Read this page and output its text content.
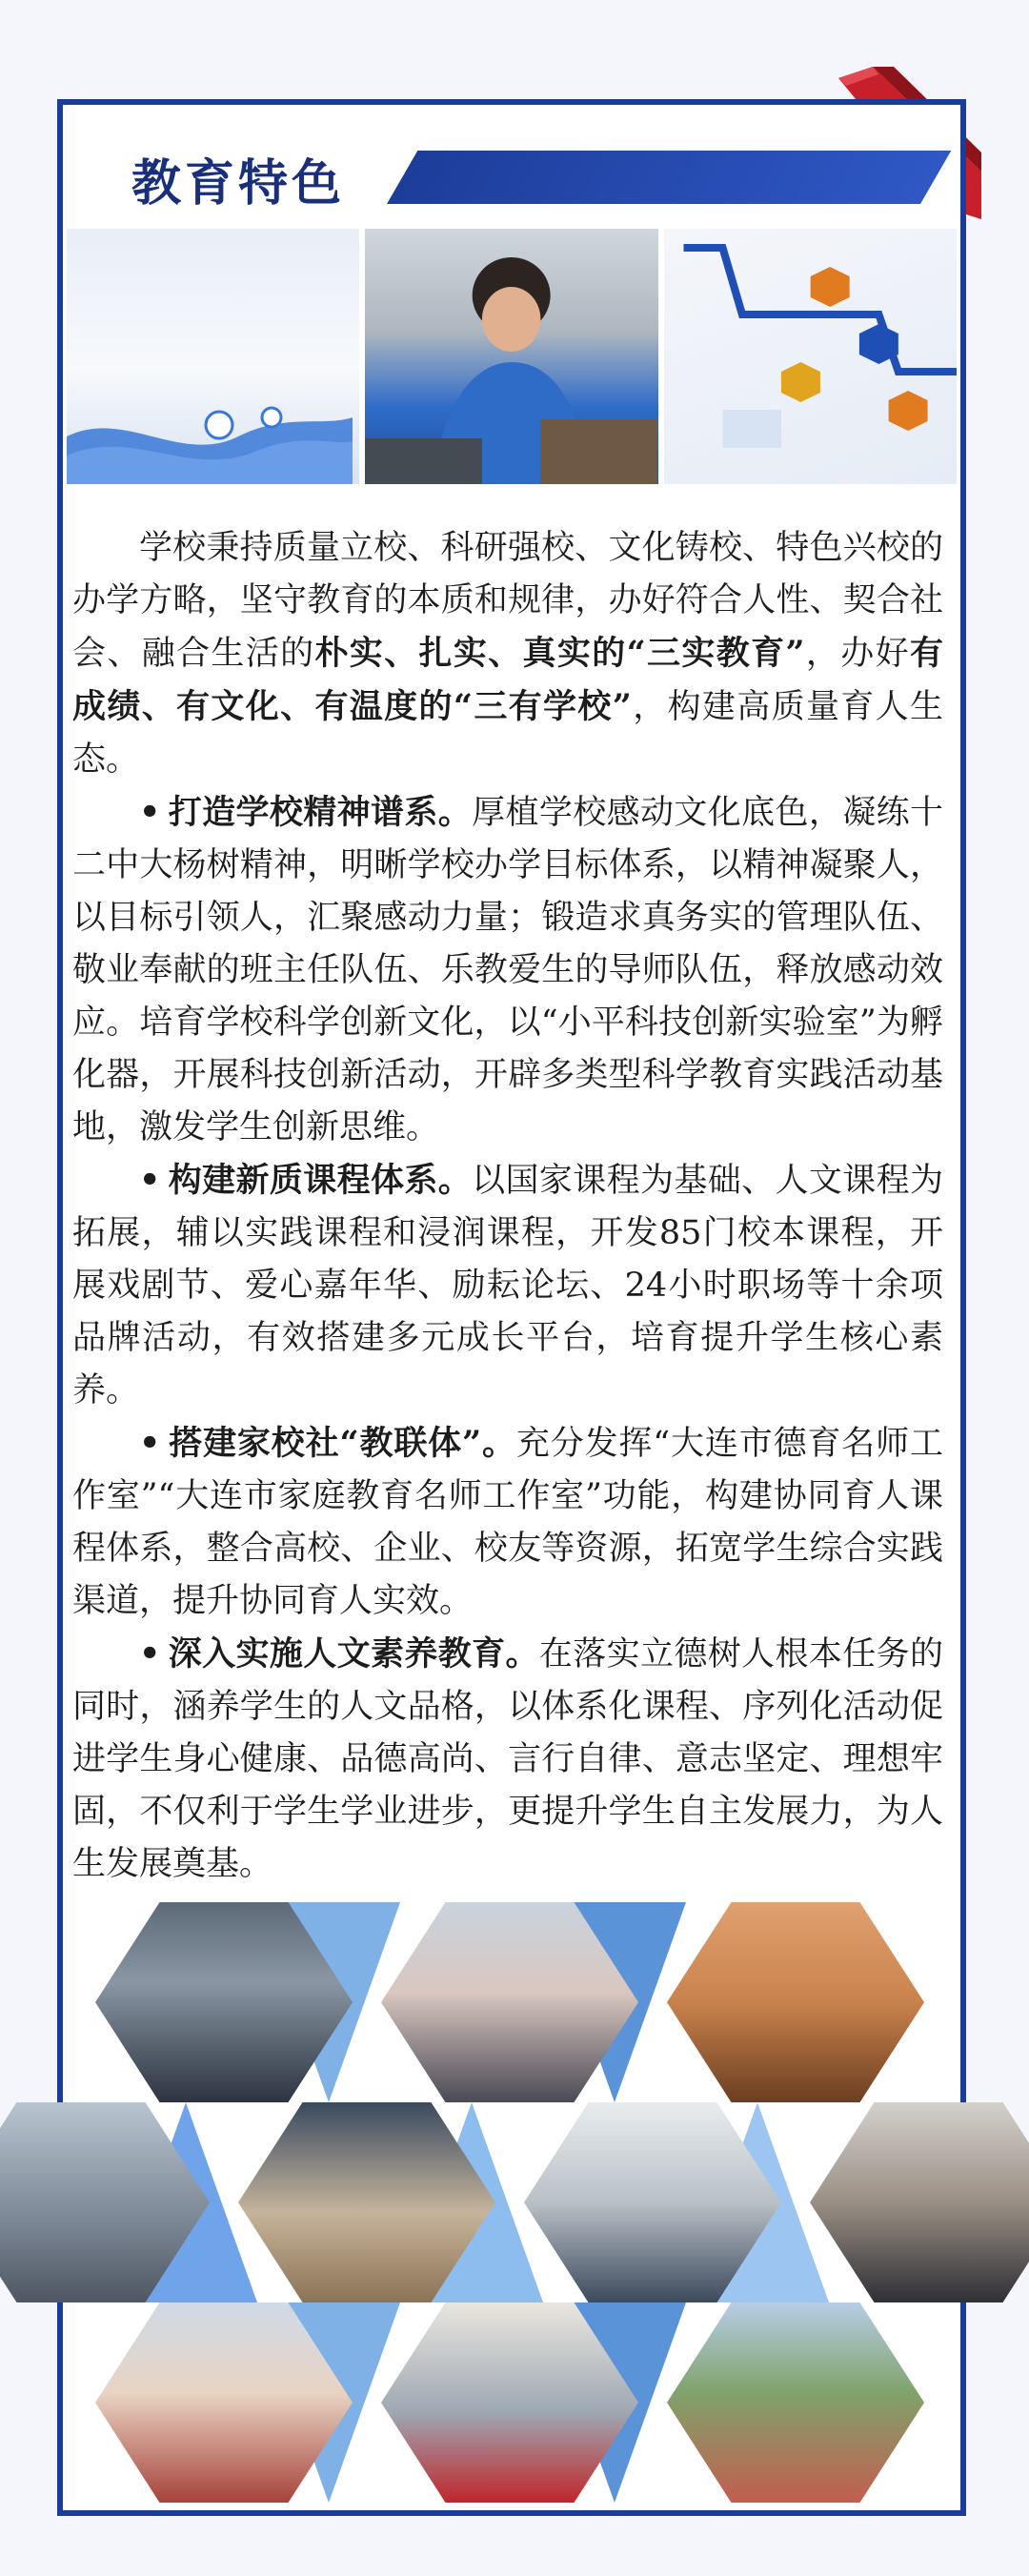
教育特色

学校秉持质量立校、科研强校、文化铸校、特色兴校的办学方略，坚守教育的本质和规律，办好符合人性、契合社会、融合生活的朴实、扎实、真实的“三实教育”，办好有成绩、有文化、有温度的“三有学校”，构建高质量育人生态。

• 打造学校精神谱系。厚植学校感动文化底色，凝练十二中大杨树精神，明晰学校办学目标体系，以精神凝聚人，以目标引领人，汇聚感动力量；锻造求真务实的管理队伍、敬业奉献的班主任队伍、乐教爱生的导师队伍，释放感动效应。培育学校科学创新文化，以“小平科技创新实验室”为孵化器，开展科技创新活动，开辟多类型科学教育实践活动基地，激发学生创新思维。

• 构建新质课程体系。以国家课程为基础、人文课程为拓展，辅以实践课程和浸润课程，开发85门校本课程，开展戏剧节、爱心嘉年华、励耘论坛、24小时职场等十余项品牌活动，有效搭建多元成长平台，培育提升学生核心素养。

• 搭建家校社“教联体”。充分发挥“大连市德育名师工作室”“大连市家庭教育名师工作室”功能，构建协同育人课程体系，整合高校、企业、校友等资源，拓宽学生综合实践渠道，提升协同育人实效。

• 深入实施人文素养教育。在落实立德树人根本任务的同时，涵养学生的人文品格，以体系化课程、序列化活动促进学生身心健康、品德高尚、言行自律、意志坚定、理想牢固，不仅利于学生学业进步，更提升学生自主发展力，为人生发展奠基。
